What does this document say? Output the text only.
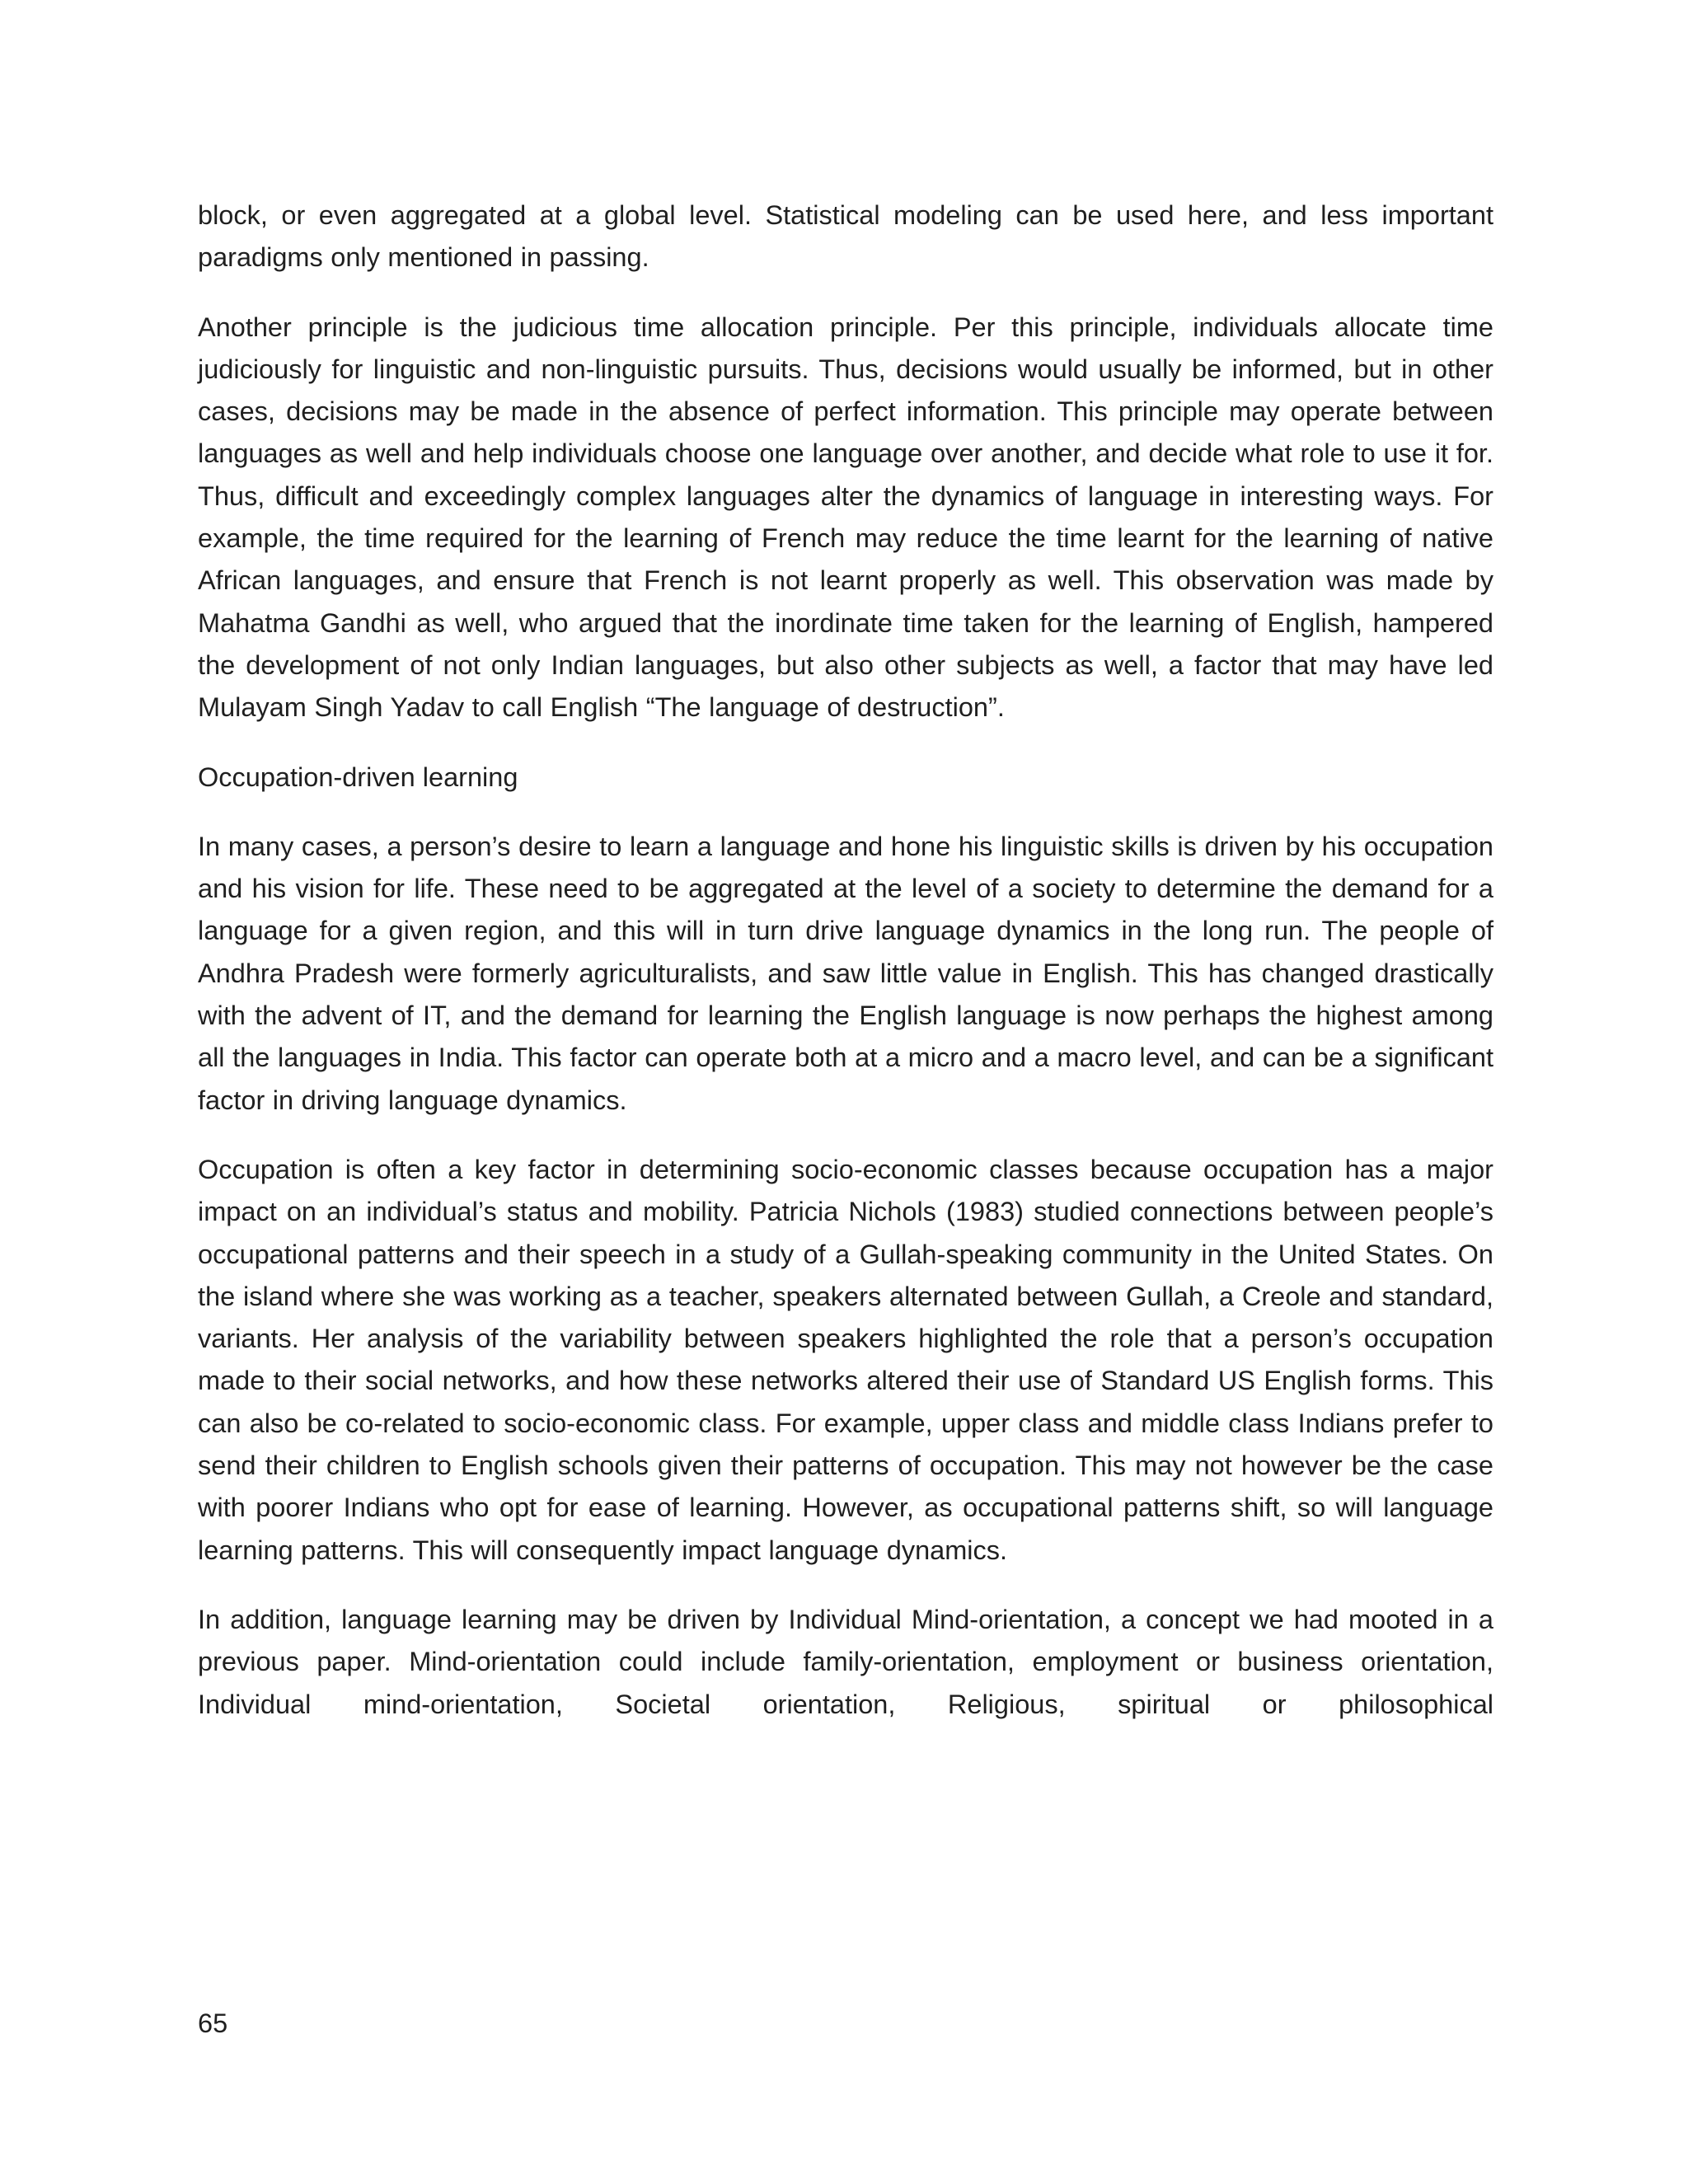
block, or even aggregated at a global level. Statistical modeling can be used here, and less important paradigms only mentioned in passing.

Another principle is the judicious time allocation principle. Per this principle, individuals allocate time judiciously for linguistic and non-linguistic pursuits. Thus, decisions would usually be informed, but in other cases, decisions may be made in the absence of perfect information. This principle may operate between languages as well and help individuals choose one language over another, and decide what role to use it for. Thus, difficult and exceedingly complex languages alter the dynamics of language in interesting ways. For example, the time required for the learning of French may reduce the time learnt for the learning of native African languages, and ensure that French is not learnt properly as well. This observation was made by Mahatma Gandhi as well, who argued that the inordinate time taken for the learning of English, hampered the development of not only Indian languages, but also other subjects as well, a factor that may have led Mulayam Singh Yadav to call English “The language of destruction”.

Occupation-driven learning

In many cases, a person’s desire to learn a language and hone his linguistic skills is driven by his occupation and his vision for life. These need to be aggregated at the level of a society to determine the demand for a language for a given region, and this will in turn drive language dynamics in the long run. The people of Andhra Pradesh were formerly agriculturalists, and saw little value in English. This has changed drastically with the advent of IT, and the demand for learning the English language is now perhaps the highest among all the languages in India. This factor can operate both at a micro and a macro level, and can be a significant factor in driving language dynamics.

Occupation is often a key factor in determining socio-economic classes because occupation has a major impact on an individual’s status and mobility. Patricia Nichols (1983) studied connections between people’s occupational patterns and their speech in a study of a Gullah-speaking community in the United States. On the island where she was working as a teacher, speakers alternated between Gullah, a Creole and standard, variants. Her analysis of the variability between speakers highlighted the role that a person’s occupation made to their social networks, and how these networks altered their use of Standard US English forms. This can also be co-related to socio-economic class. For example, upper class and middle class Indians prefer to send their children to English schools given their patterns of occupation. This may not however be the case with poorer Indians who opt for ease of learning. However, as occupational patterns shift, so will language learning patterns. This will consequently impact language dynamics.

In addition, language learning may be driven by Individual Mind-orientation, a concept we had mooted in a previous paper. Mind-orientation could include family-orientation, employment or business orientation, Individual mind-orientation, Societal orientation, Religious, spiritual or philosophical

65
